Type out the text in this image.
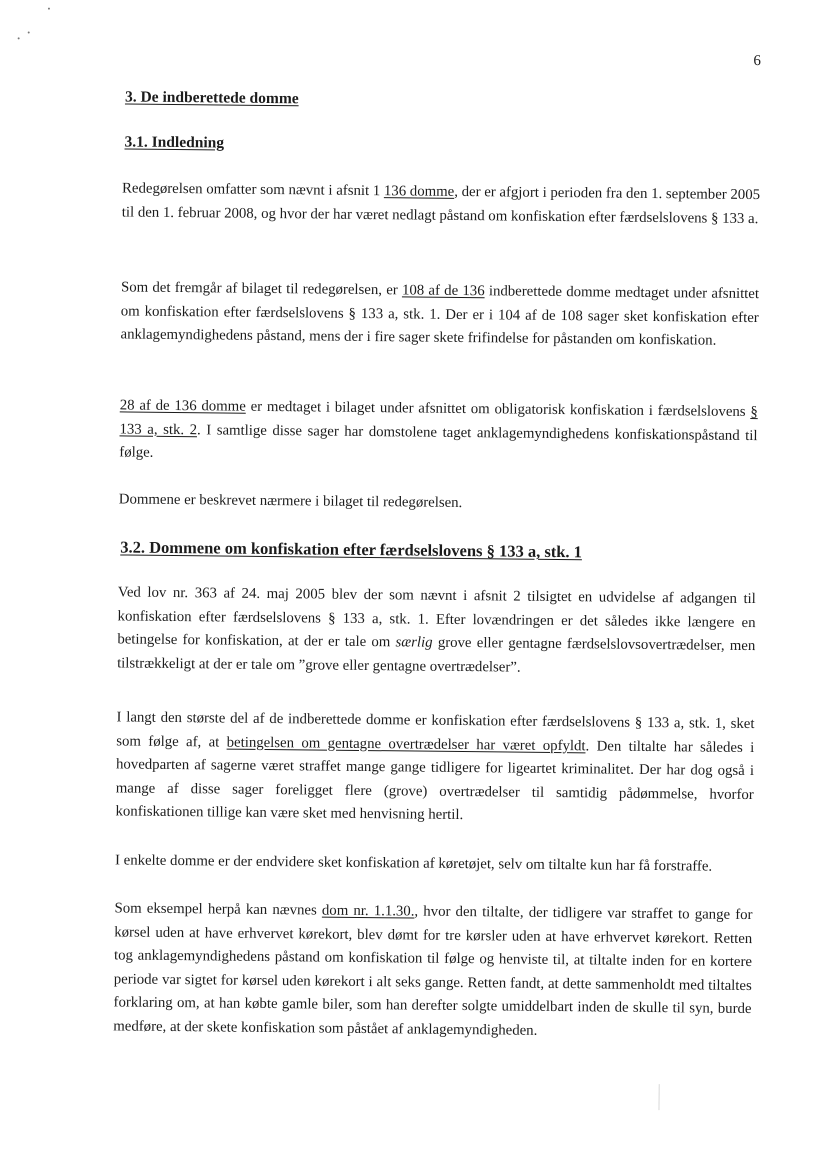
6
3. De indberettede domme
3.1. Indledning
Redegørelsen omfatter som nævnt i afsnit 1 136 domme, der er afgjort i perioden fra den 1. september 2005 til den 1. februar 2008, og hvor der har været nedlagt påstand om konfiskation efter færdselslovens § 133 a.
Som det fremgår af bilaget til redegørelsen, er 108 af de 136 indberettede domme medtaget under afsnittet om konfiskation efter færdselslovens § 133 a, stk. 1. Der er i 104 af de 108 sager sket konfiskation efter anklagemyndighedens påstand, mens der i fire sager skete frifindelse for påstanden om konfiskation.
28 af de 136 domme er medtaget i bilaget under afsnittet om obligatorisk konfiskation i færdselslovens § 133 a, stk. 2. I samtlige disse sager har domstolene taget anklagemyndighedens konfiskationspåstand til følge.
Dommene er beskrevet nærmere i bilaget til redegørelsen.
3.2. Dommene om konfiskation efter færdselslovens § 133 a, stk. 1
Ved lov nr. 363 af 24. maj 2005 blev der som nævnt i afsnit 2 tilsigtet en udvidelse af adgangen til konfiskation efter færdselslovens § 133 a, stk. 1. Efter lovændringen er det således ikke længere en betingelse for konfiskation, at der er tale om særlig grove eller gentagne færdselslovsovertrædelser, men tilstrækkeligt at der er tale om ”grove eller gentagne overtrædelser”.
I langt den største del af de indberettede domme er konfiskation efter færdselslovens § 133 a, stk. 1, sket som følge af, at betingelsen om gentagne overtrædelser har været opfyldt. Den tiltalte har således i hovedparten af sagerne været straffet mange gange tidligere for ligeartet kriminalitet. Der har dog også i mange af disse sager foreligget flere (grove) overtrædelser til samtidig pådømmelse, hvorfor konfiskationen tillige kan være sket med henvisning hertil.
I enkelte domme er der endvidere sket konfiskation af køretøjet, selv om tiltalte kun har få forstraffe.
Som eksempel herpå kan nævnes dom nr. 1.1.30., hvor den tiltalte, der tidligere var straffet to gange for kørsel uden at have erhvervet kørekort, blev dømt for tre kørsler uden at have erhvervet kørekort. Retten tog anklagemyndighedens påstand om konfiskation til følge og henviste til, at tiltalte inden for en kortere periode var sigtet for kørsel uden kørekort i alt seks gange. Retten fandt, at dette sammenholdt med tiltaltes forklaring om, at han købte gamle biler, som han derefter solgte umiddelbart inden de skulle til syn, burde medføre, at der skete konfiskation som påstået af anklagemyndigheden.
